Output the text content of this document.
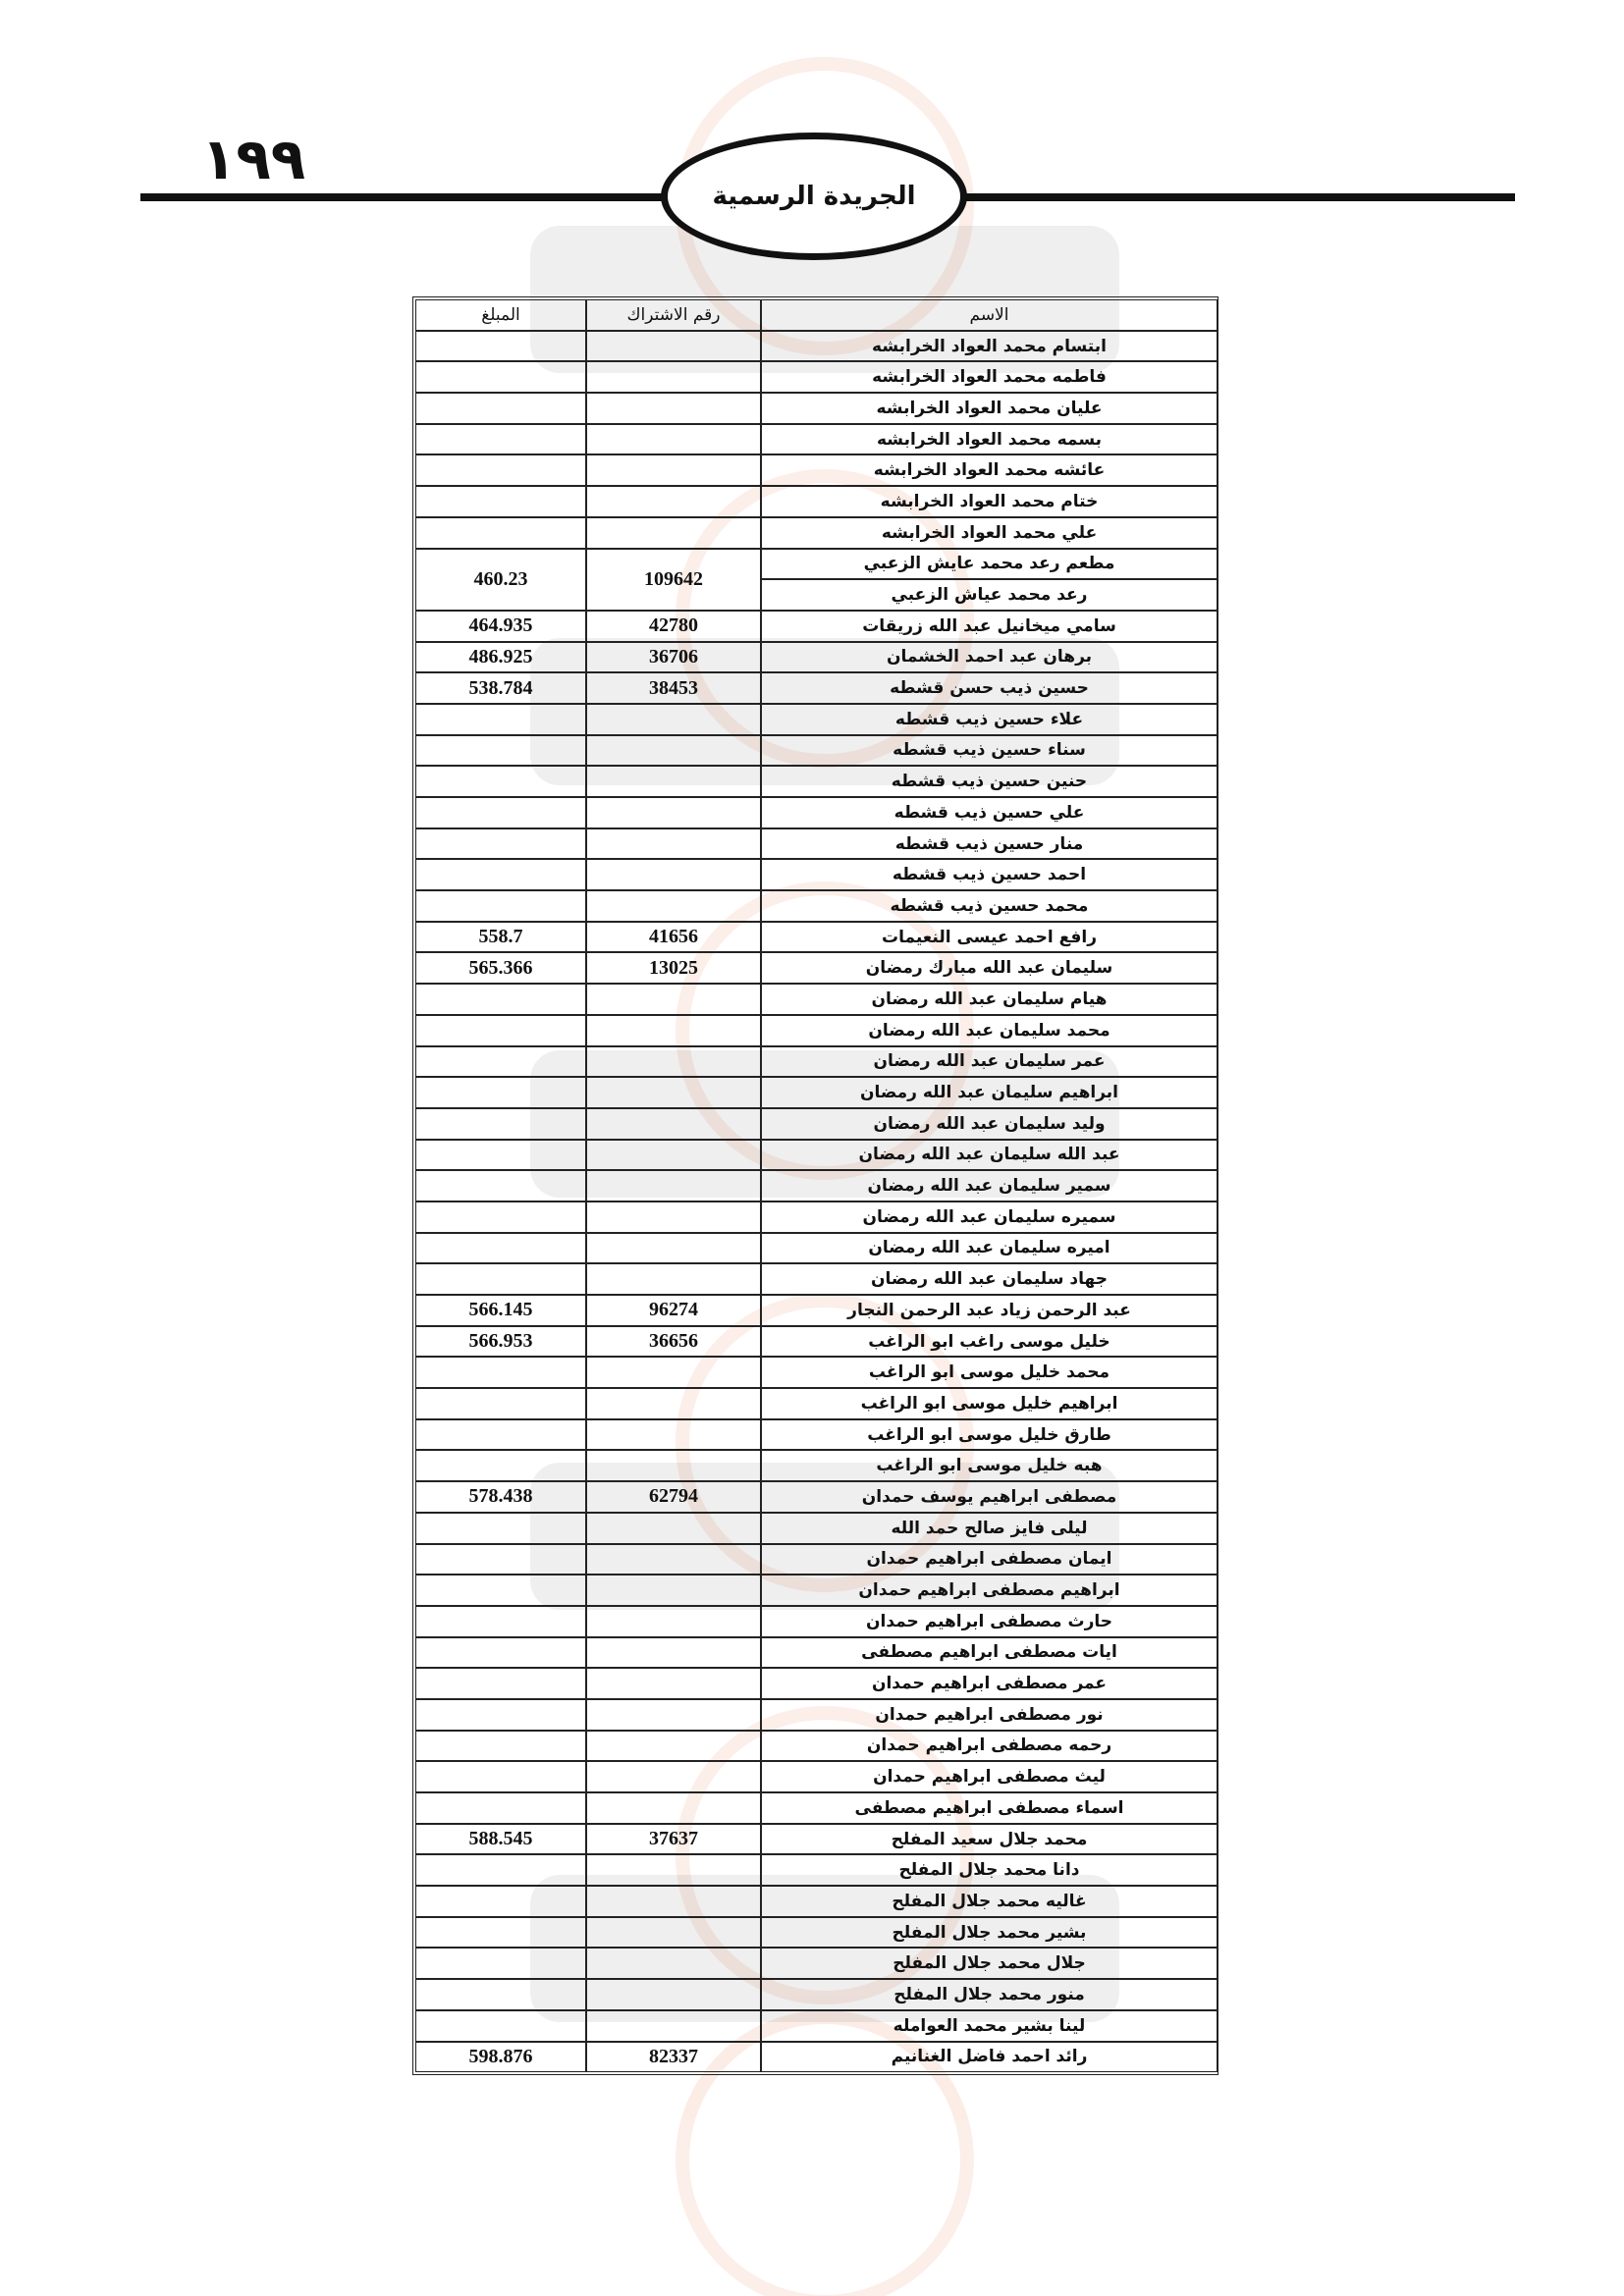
١٩٩
الجريدة الرسمية
المبلغ	رقم الاشتراك	الاسم
		ابتسام محمد العواد الخرابشه
		فاطمه محمد العواد الخرابشه
		عليان محمد العواد الخرابشه
		بسمه محمد العواد الخرابشه
		عائشه محمد العواد الخرابشه
		ختام محمد العواد الخرابشه
		علي محمد العواد الخرابشه
460.23	109642	مطعم رعد محمد عايش الزعبي
		رعد محمد عياش الزعبي
464.935	42780	سامي ميخانيل عبد الله زريقات
486.925	36706	برهان عبد احمد الخشمان
538.784	38453	حسين ذيب حسن قشطه
		علاء حسين ذيب قشطه
		سناء حسين ذيب قشطه
		حنين حسين ذيب قشطه
		علي حسين ذيب قشطه
		منار حسين ذيب قشطه
		احمد حسين ذيب قشطه
		محمد حسين ذيب قشطه
558.7	41656	رافع احمد عيسى النعيمات
565.366	13025	سليمان عبد الله مبارك رمضان
		هيام سليمان عبد الله رمضان
		محمد سليمان عبد الله رمضان
		عمر سليمان عبد الله رمضان
		ابراهيم سليمان عبد الله رمضان
		وليد سليمان عبد الله رمضان
		عبد الله سليمان عبد الله رمضان
		سمير سليمان عبد الله رمضان
		سميره سليمان عبد الله رمضان
		اميره سليمان عبد الله رمضان
		جهاد سليمان عبد الله رمضان
566.145	96274	عبد الرحمن زياد عبد الرحمن النجار
566.953	36656	خليل موسى راغب ابو الراغب
		محمد خليل موسى ابو الراغب
		ابراهيم خليل موسى ابو الراغب
		طارق خليل موسى ابو الراغب
		هبه خليل موسى ابو الراغب
578.438	62794	مصطفى ابراهيم يوسف حمدان
		ليلى فايز صالح حمد الله
		ايمان مصطفى ابراهيم حمدان
		ابراهيم مصطفى ابراهيم حمدان
		حارث مصطفى ابراهيم حمدان
		ايات مصطفى ابراهيم مصطفى
		عمر مصطفى ابراهيم حمدان
		نور مصطفى ابراهيم حمدان
		رحمه مصطفى ابراهيم حمدان
		ليث مصطفى ابراهيم حمدان
		اسماء مصطفى ابراهيم مصطفى
588.545	37637	محمد جلال سعيد المفلح
		دانا محمد جلال المفلح
		غاليه محمد جلال المفلح
		بشير محمد جلال المفلح
		جلال محمد جلال المفلح
		منور محمد جلال المفلح
		لينا بشير محمد العوامله
598.876	82337	رائد احمد فاضل الغنانيم
